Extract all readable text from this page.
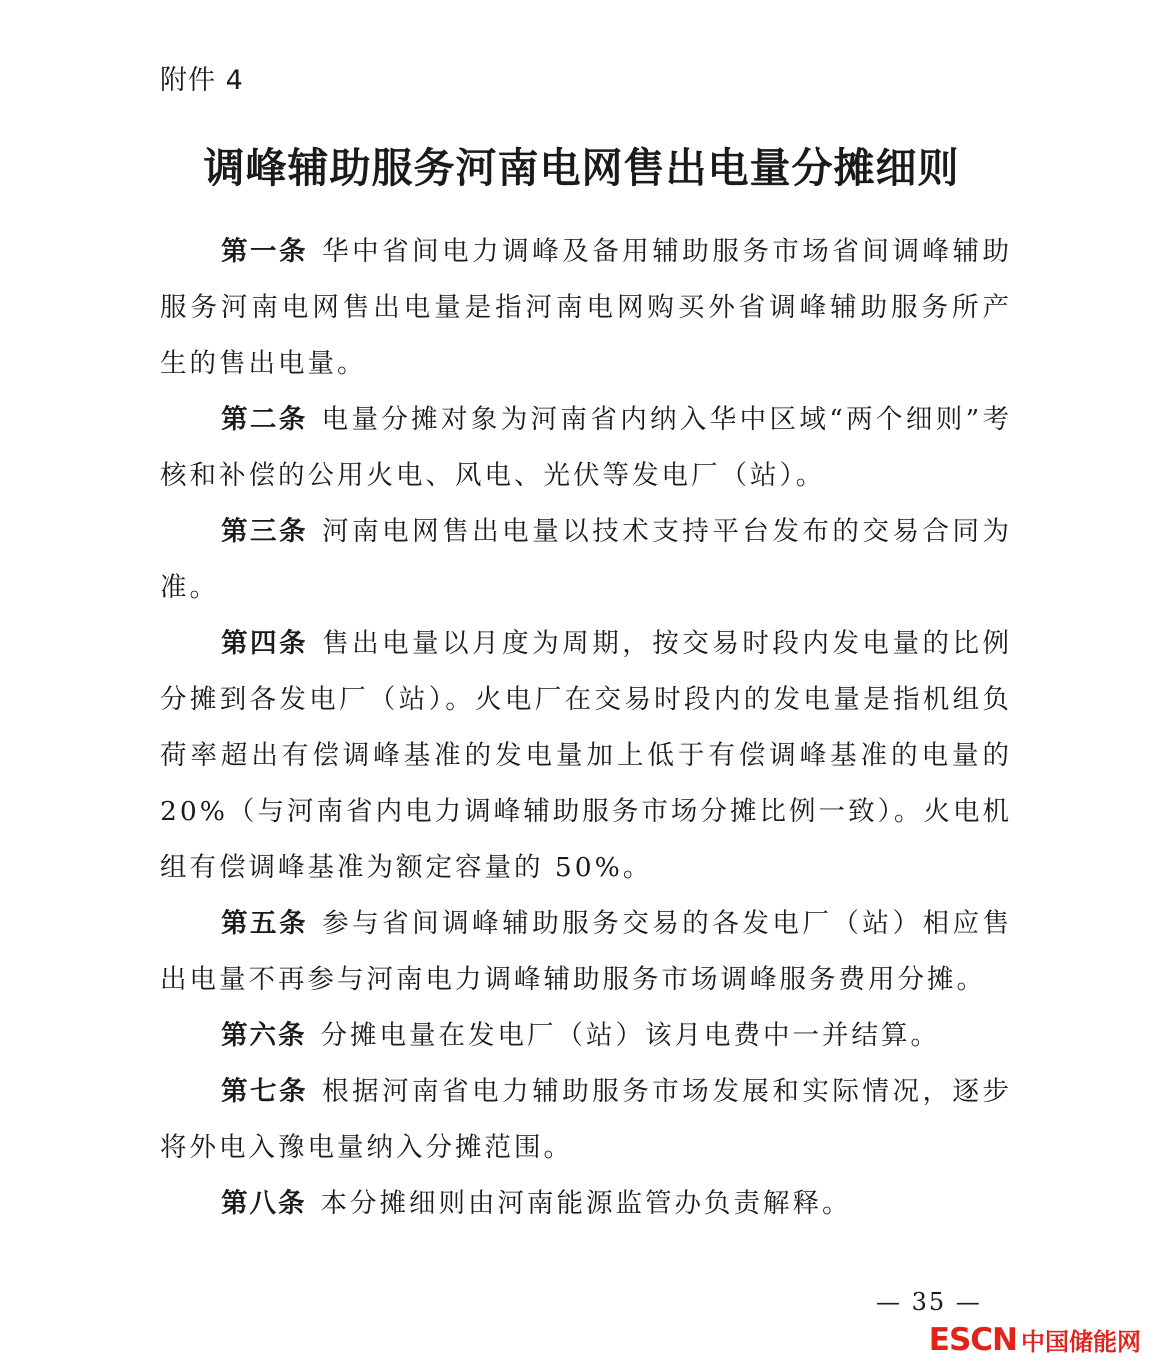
附件 4
调峰辅助服务河南电网售出电量分摊细则

第一条 华中省间电力调峰及备用辅助服务市场省间调峰辅助服务河南电网售出电量是指河南电网购买外省调峰辅助服务所产生的售出电量。

第二条 电量分摊对象为河南省内纳入华中区域“两个细则”考核和补偿的公用火电、风电、光伏等发电厂（站）。

第三条 河南电网售出电量以技术支持平台发布的交易合同为准。

第四条 售出电量以月度为周期，按交易时段内发电量的比例分摊到各发电厂（站）。火电厂在交易时段内的发电量是指机组负荷率超出有偿调峰基准的发电量加上低于有偿调峰基准的电量的 20%（与河南省内电力调峰辅助服务市场分摊比例一致）。火电机组有偿调峰基准为额定容量的 50%。

第五条 参与省间调峰辅助服务交易的各发电厂（站）相应售出电量不再参与河南电力调峰辅助服务市场调峰服务费用分摊。

第六条 分摊电量在发电厂（站）该月电费中一并结算。

第七条 根据河南省电力辅助服务市场发展和实际情况，逐步将外电入豫电量纳入分摊范围。

第八条 本分摊细则由河南能源监管办负责解释。

— 35 —
ESCN 中国储能网
